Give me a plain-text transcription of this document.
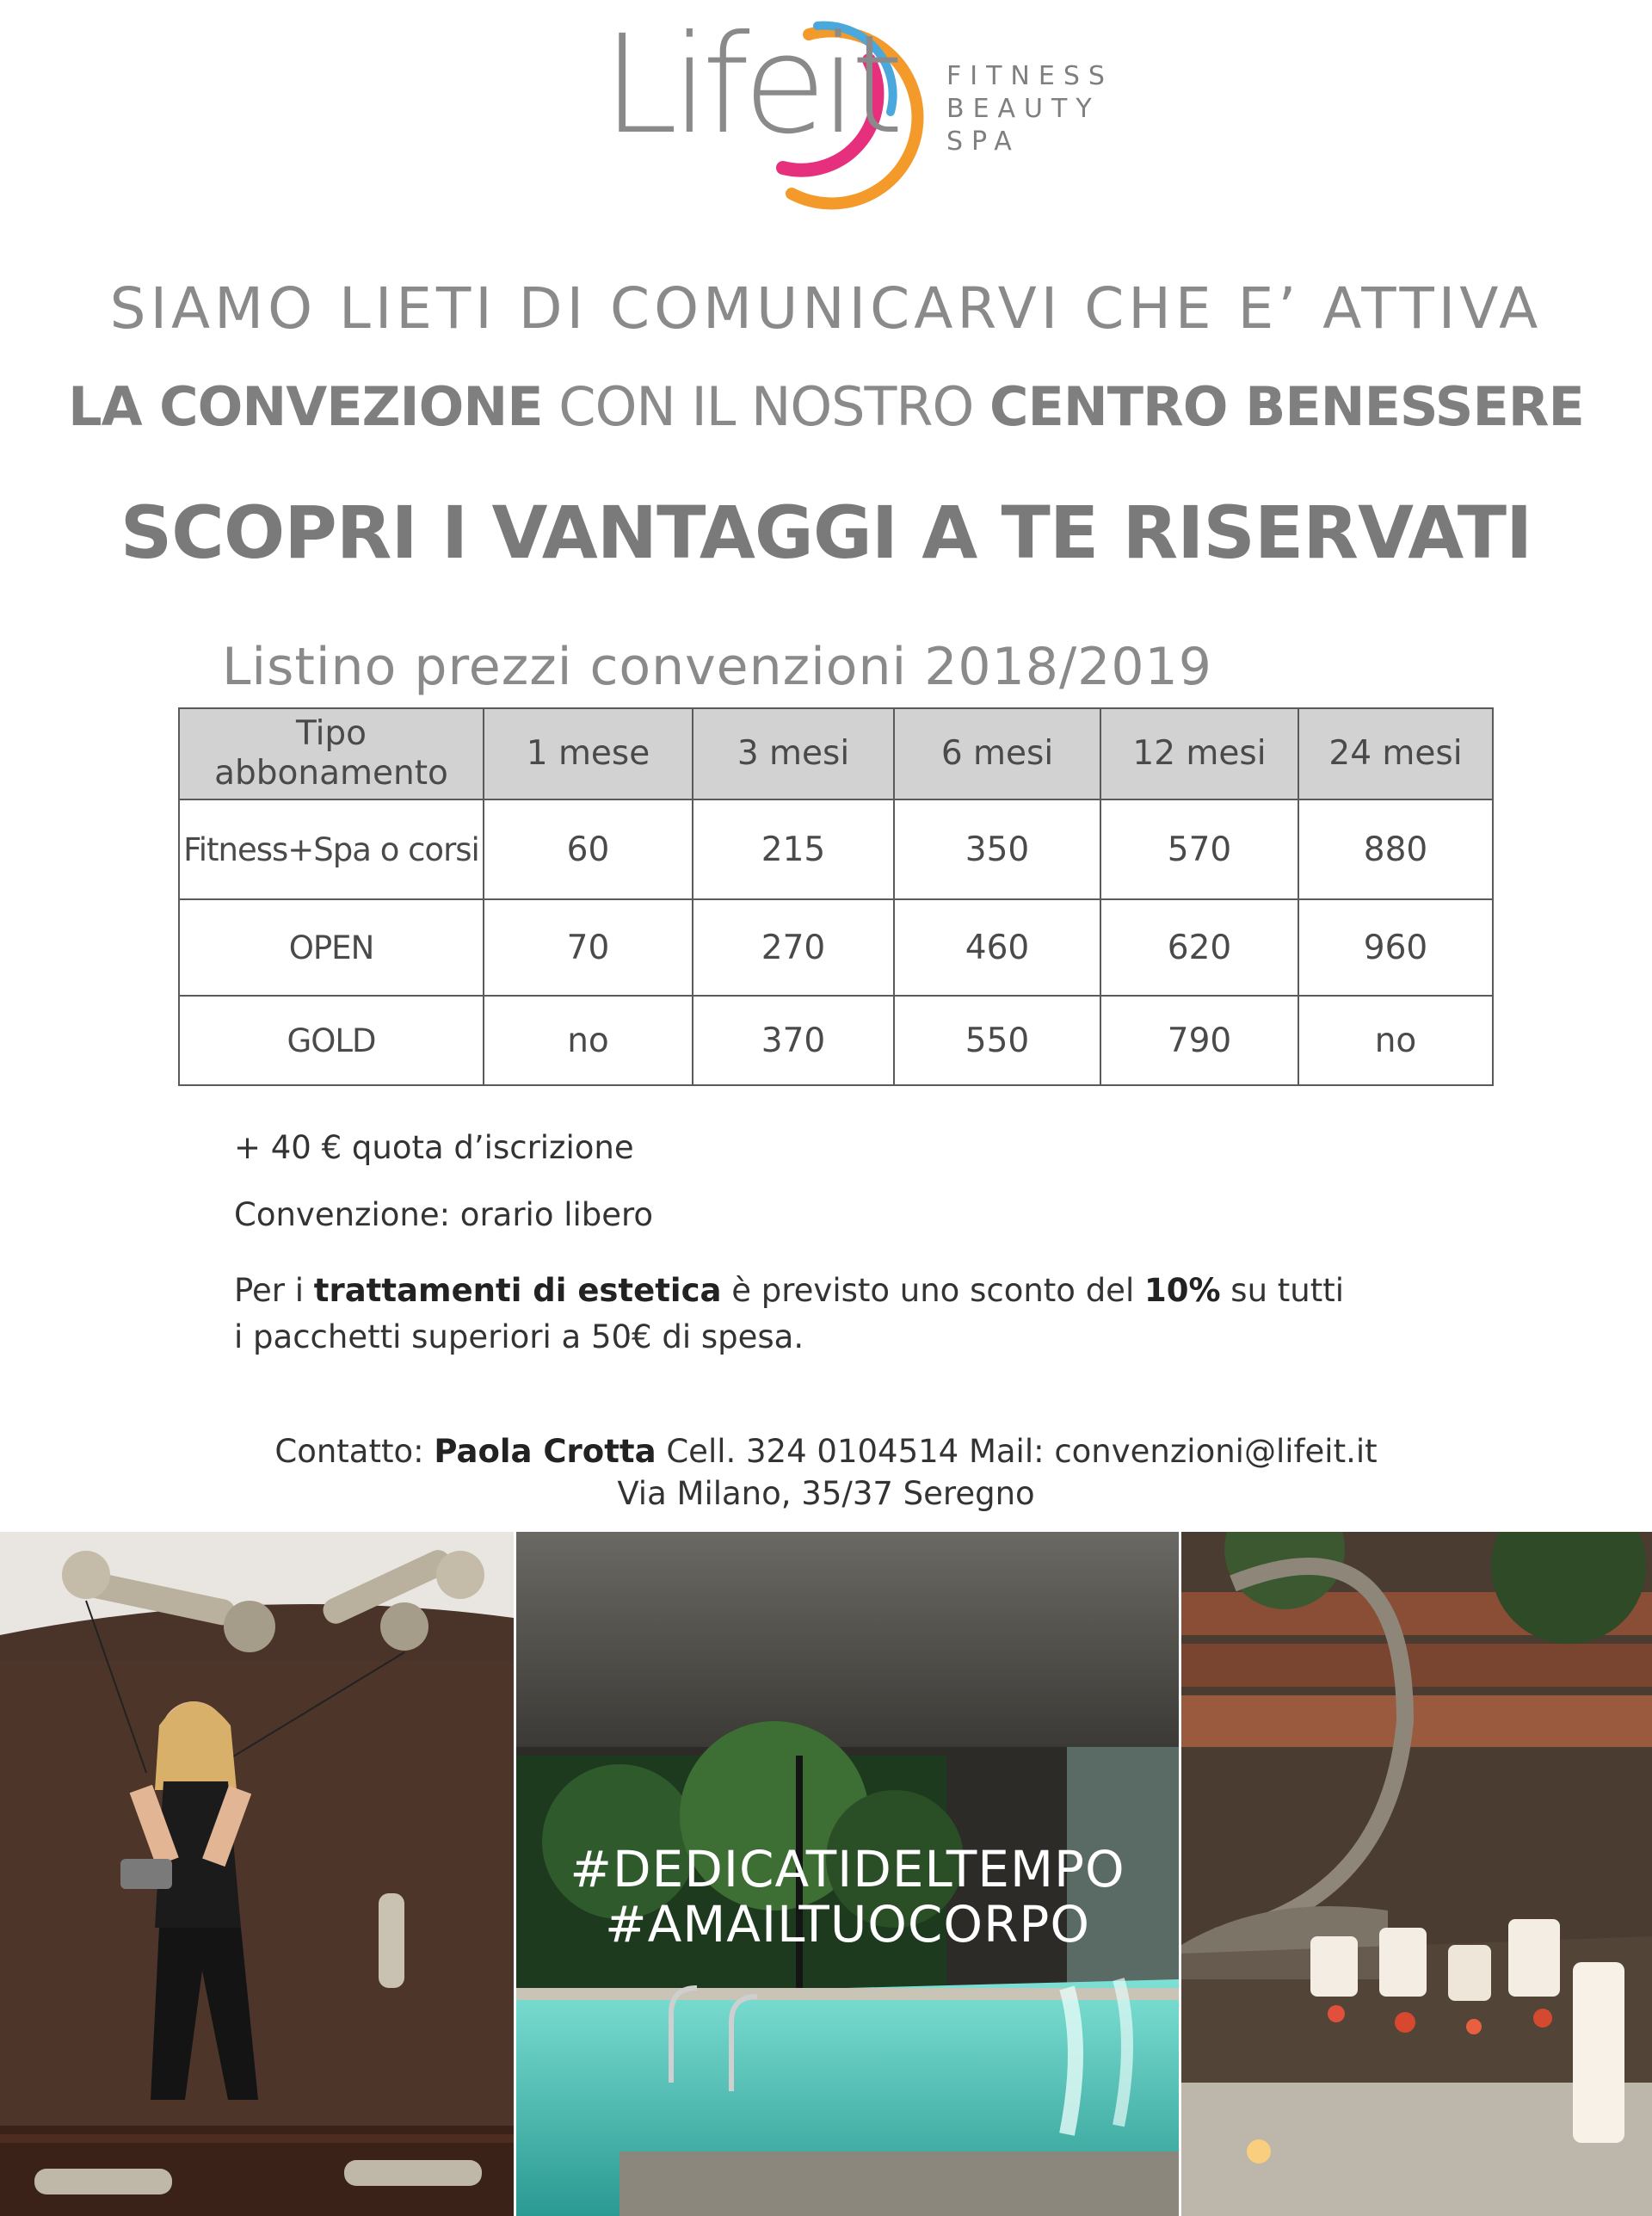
Lifeit FITNESS
BEAUTY
SPA
SIAMO LIETI DI COMUNICARVI CHE E’ ATTIVA
LA CONVEZIONE CON IL NOSTRO CENTRO BENESSERE
SCOPRI I VANTAGGI A TE RISERVATI
Listino prezzi convenzioni 2018/2019
Tipo abbonamento	1 mese	3 mesi	6 mesi	12 mesi	24 mesi
Fitness+Spa o corsi	60	215	350	570	880
OPEN	70	270	460	620	960
GOLD	no	370	550	790	no
+ 40 € quota d’iscrizione
Convenzione: orario libero
Per i trattamenti di estetica è previsto uno sconto del 10% su tutti
i pacchetti superiori a 50€ di spesa.
Contatto: Paola Crotta Cell. 324 0104514 Mail: convenzioni@lifeit.it
Via Milano, 35/37 Seregno
#DEDICATIDELTEMPO
#AMAILTUOCORPO
